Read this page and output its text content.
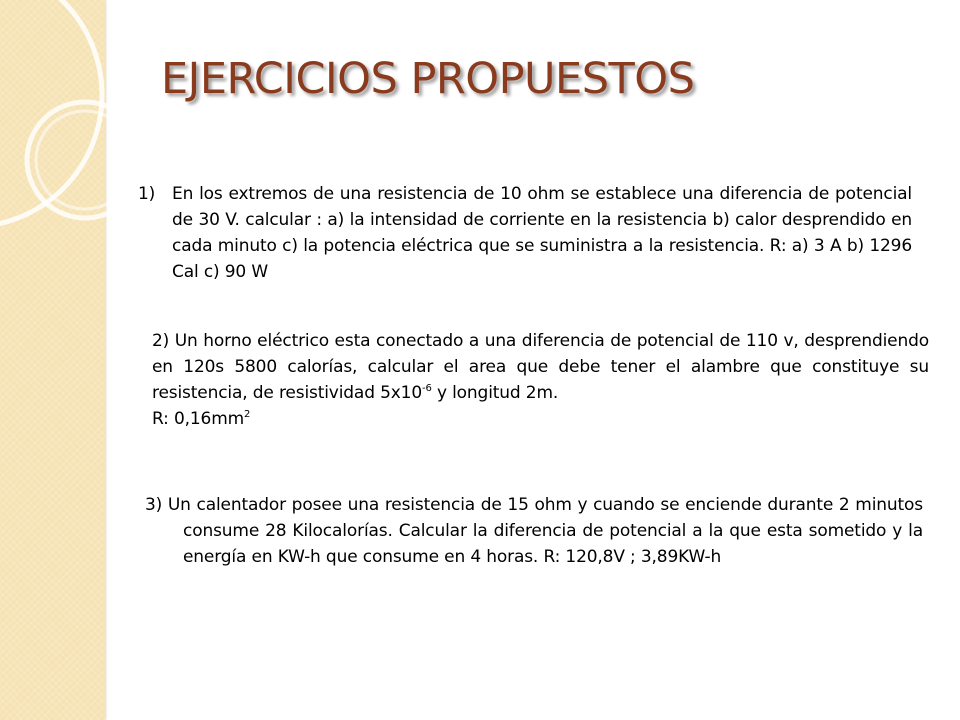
EJERCICIOS PROPUESTOS
1) En los extremos de una resistencia de 10 ohm se establece una diferencia de potencial de 30 V. calcular : a) la intensidad de corriente en la resistencia b) calor desprendido en cada minuto c) la potencia eléctrica que se suministra a la resistencia. R: a) 3 A b) 1296 Cal c) 90 W
2) Un horno eléctrico esta conectado a una diferencia de potencial de 110 v, desprendiendo en 120s 5800 calorías, calcular el area que debe tener el alambre que constituye su resistencia, de resistividad $5x10^{-6}$ y longitud 2m.
R: $0,16mm^2$
3) Un calentador posee una resistencia de 15 ohm y cuando se enciende durante 2 minutos consume 28 Kilocalorías. Calcular la diferencia de potencial a la que esta sometido y la energía en KW-h que consume en 4 horas. R: 120,8V ; 3,89KW-h
